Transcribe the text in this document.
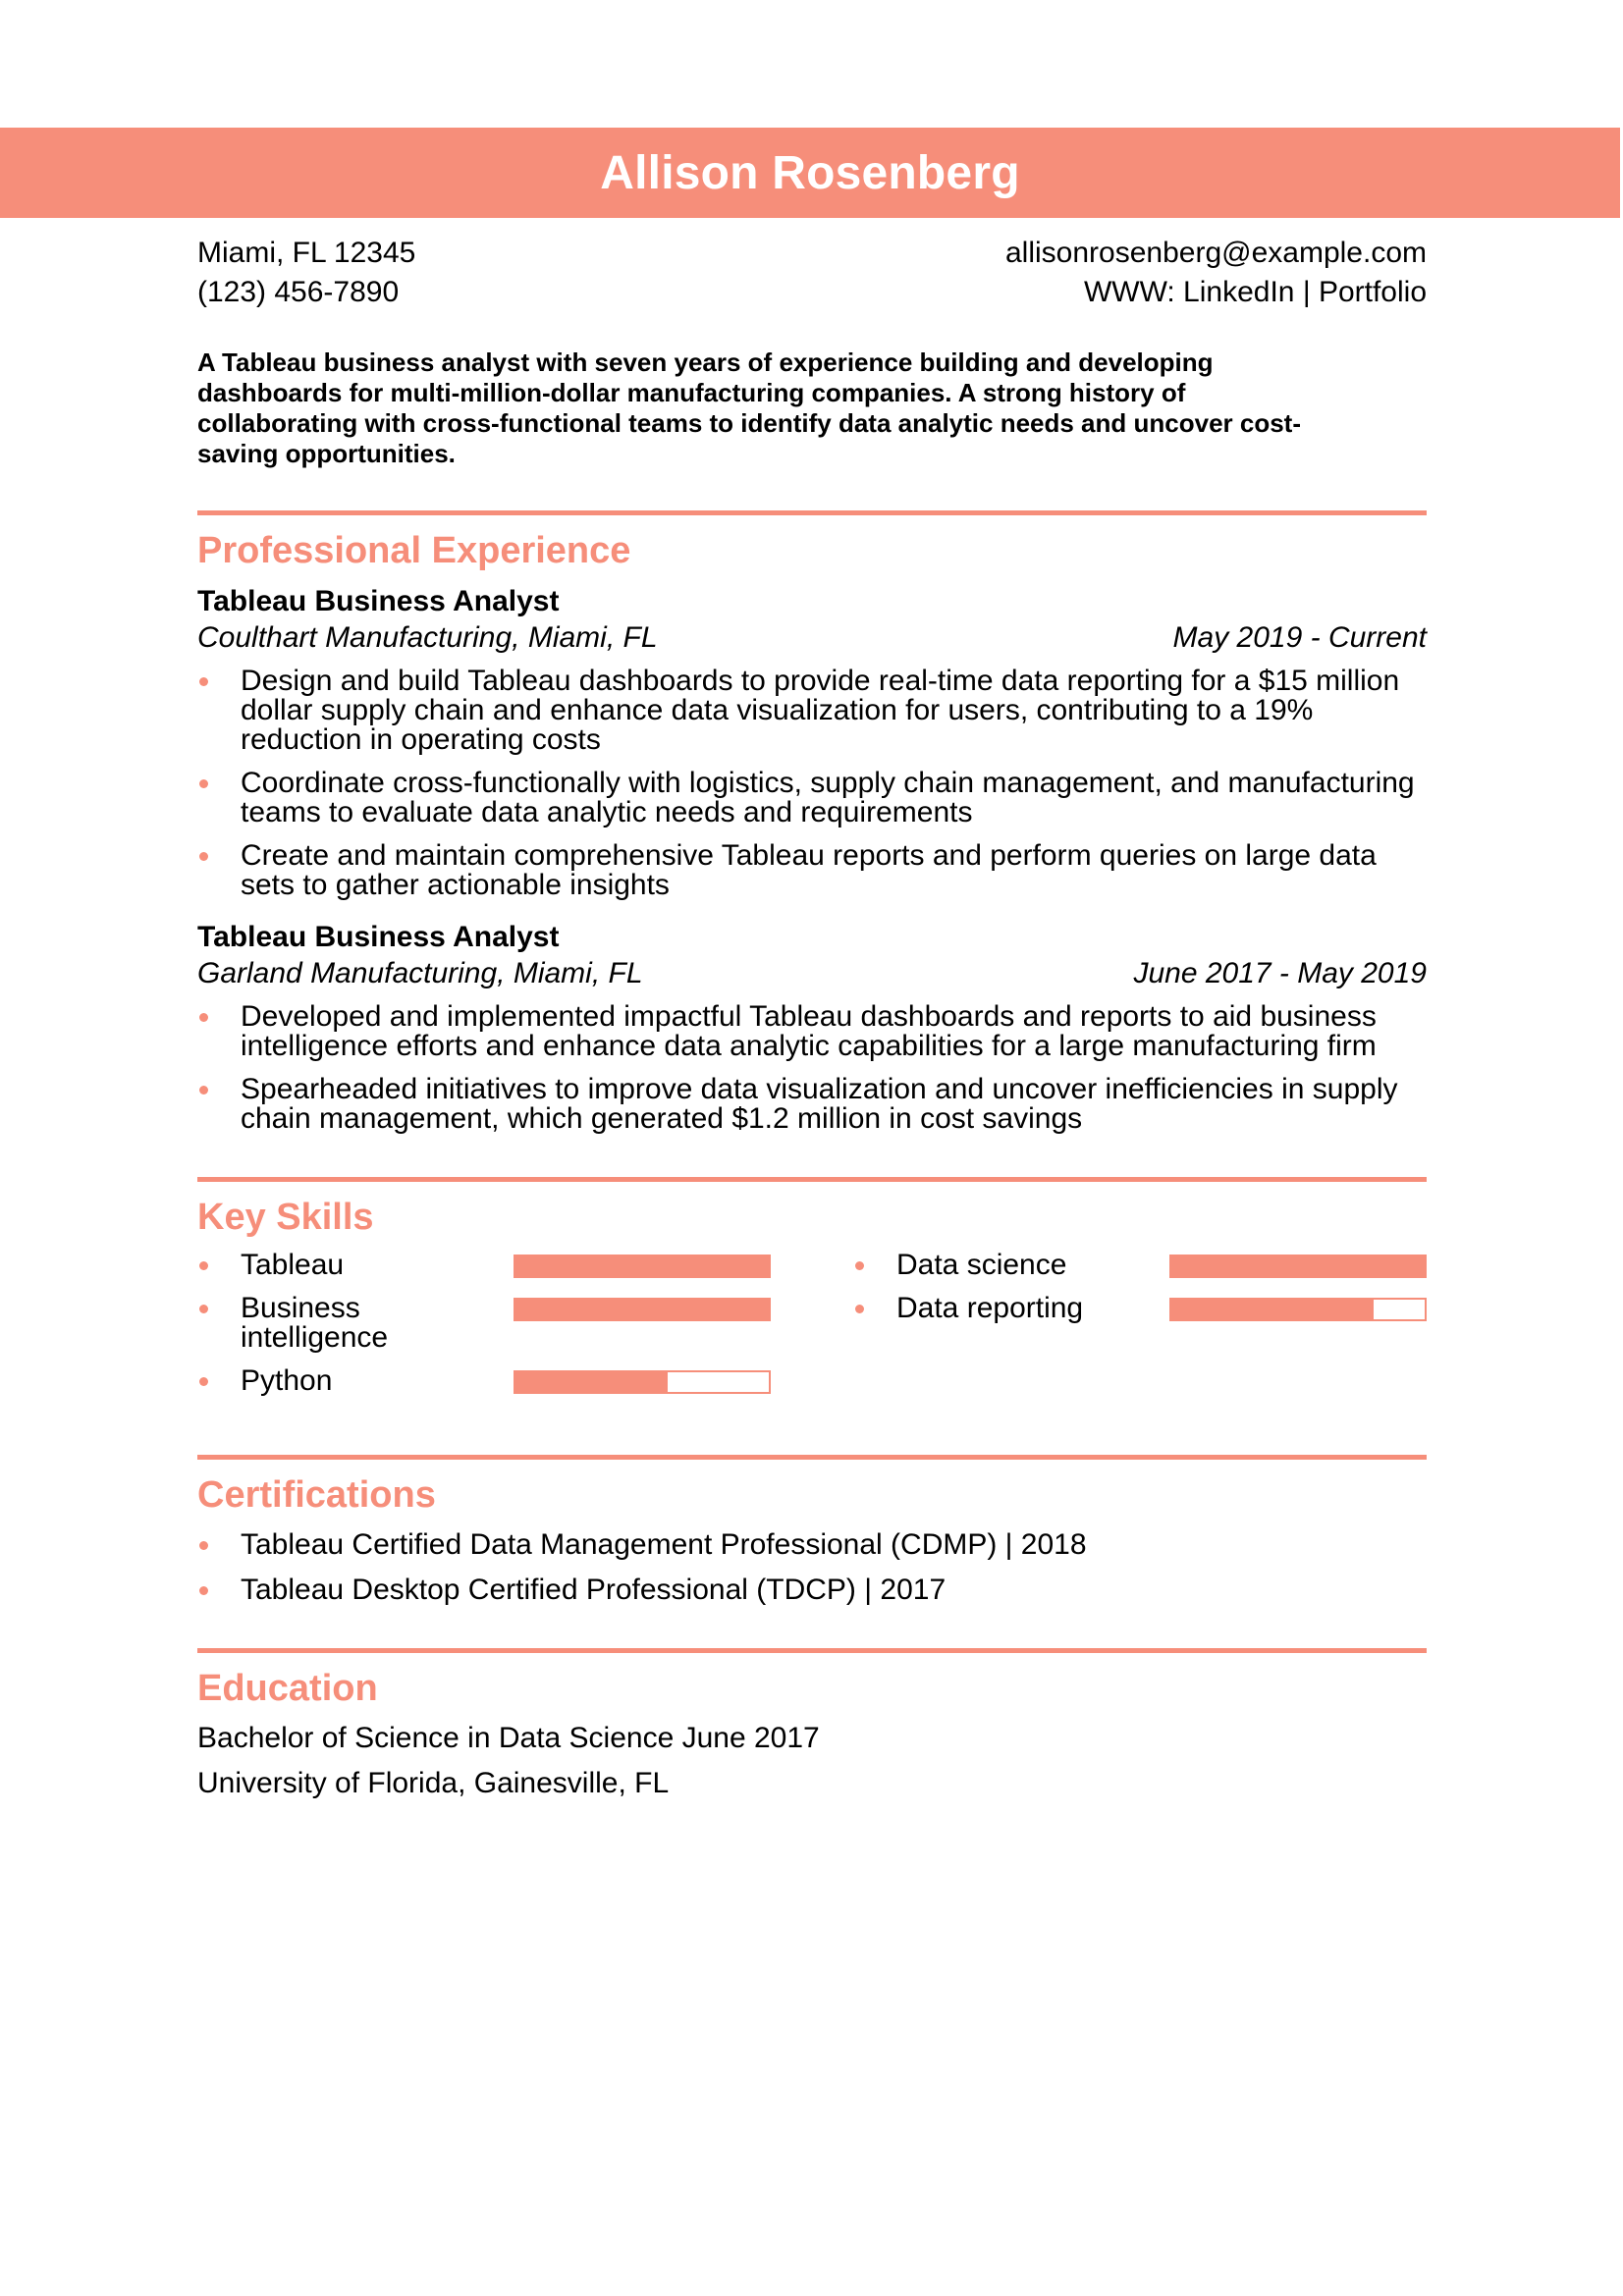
Allison Rosenberg
Miami, FL 12345	allisonrosenberg@example.com
(123) 456-7890	WWW: LinkedIn | Portfolio
A Tableau business analyst with seven years of experience building and developing dashboards for multi-million-dollar manufacturing companies. A strong history of collaborating with cross-functional teams to identify data analytic needs and uncover cost-saving opportunities.
Professional Experience
Tableau Business Analyst
Coulthart Manufacturing, Miami, FL	May 2019 - Current
Design and build Tableau dashboards to provide real-time data reporting for a $15 million dollar supply chain and enhance data visualization for users, contributing to a 19% reduction in operating costs
Coordinate cross-functionally with logistics, supply chain management, and manufacturing teams to evaluate data analytic needs and requirements
Create and maintain comprehensive Tableau reports and perform queries on large data sets to gather actionable insights
Tableau Business Analyst
Garland Manufacturing, Miami, FL	June 2017 - May 2019
Developed and implemented impactful Tableau dashboards and reports to aid business intelligence efforts and enhance data analytic capabilities for a large manufacturing firm
Spearheaded initiatives to improve data visualization and uncover inefficiencies in supply chain management, which generated $1.2 million in cost savings
Key Skills
Tableau
Business intelligence
Python
Data science
Data reporting
Certifications
Tableau Certified Data Management Professional (CDMP) | 2018
Tableau Desktop Certified Professional (TDCP) | 2017
Education
Bachelor of Science in Data Science June 2017
University of Florida, Gainesville, FL
